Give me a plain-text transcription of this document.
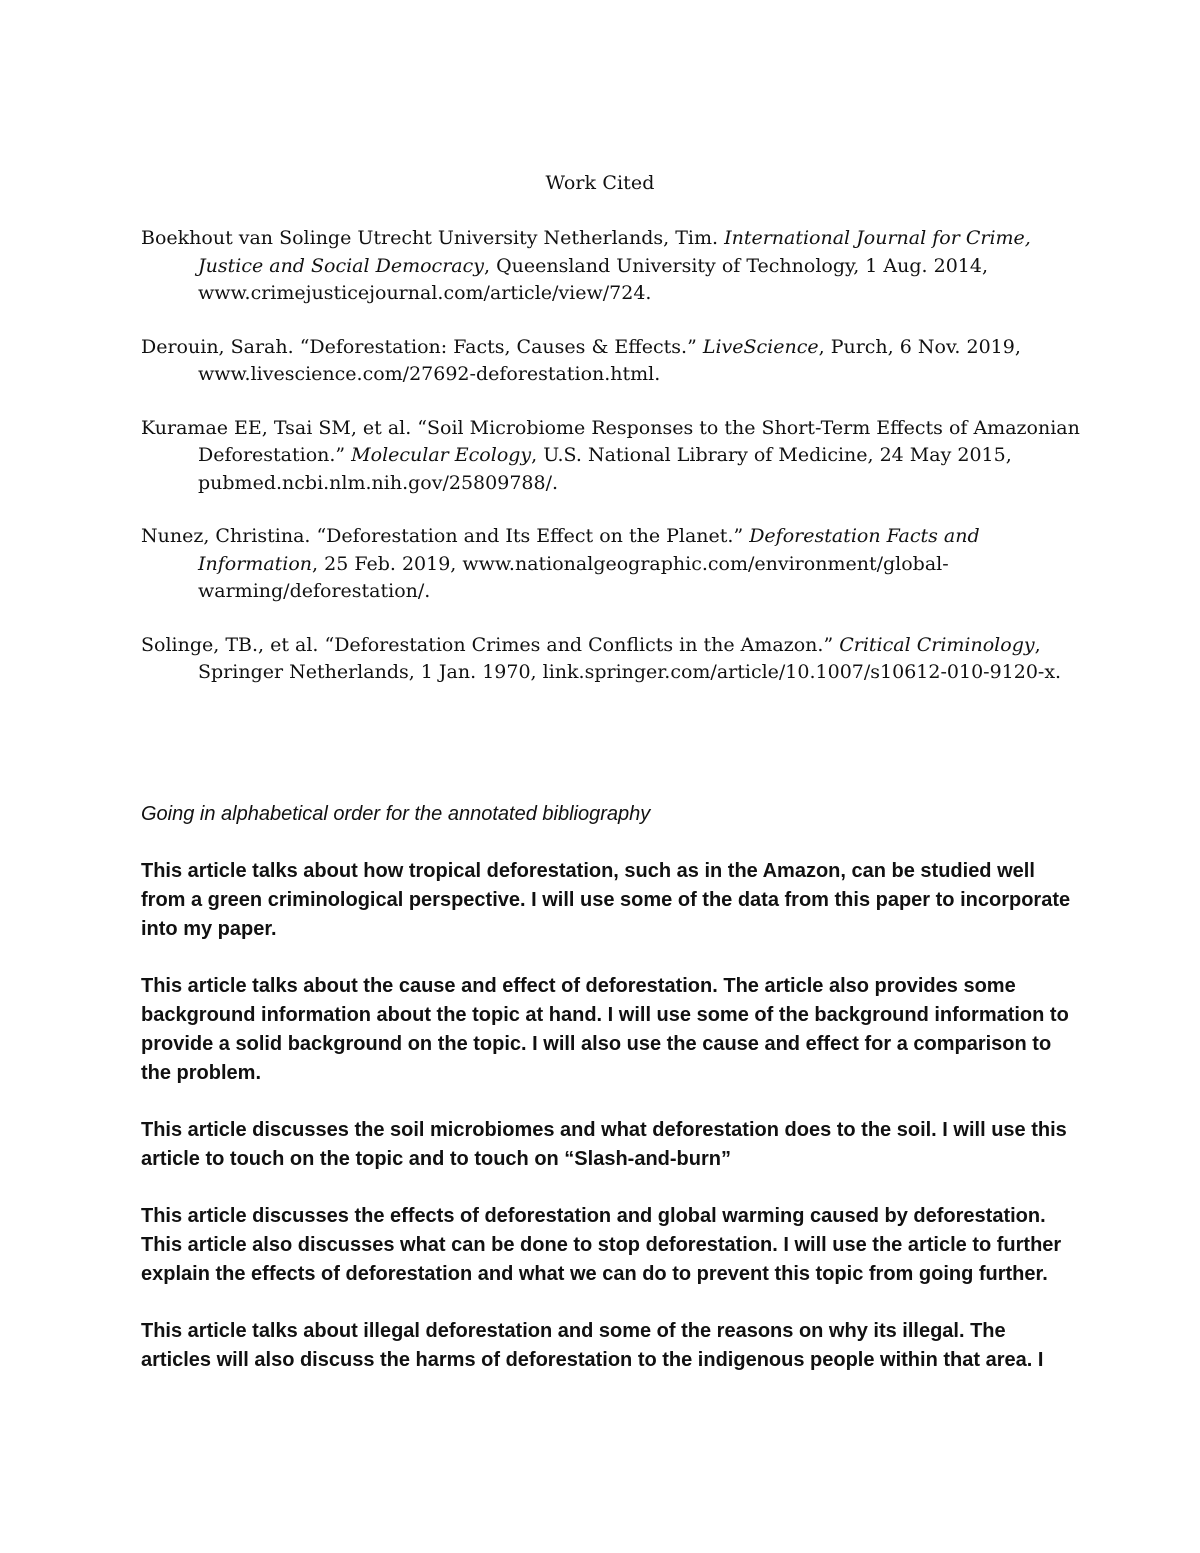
Work Cited

Boekhout van Solinge Utrecht University Netherlands, Tim. International Journal for Crime, Justice and Social Democracy, Queensland University of Technology, 1 Aug. 2014, www.crimejusticejournal.com/article/view/724.

Derouin, Sarah. “Deforestation: Facts, Causes & Effects.” LiveScience, Purch, 6 Nov. 2019, www.livescience.com/27692-deforestation.html.

Kuramae EE, Tsai SM, et al. “Soil Microbiome Responses to the Short-Term Effects of Amazonian Deforestation.” Molecular Ecology, U.S. National Library of Medicine, 24 May 2015, pubmed.ncbi.nlm.nih.gov/25809788/.

Nunez, Christina. “Deforestation and Its Effect on the Planet.” Deforestation Facts and Information, 25 Feb. 2019, www.nationalgeographic.com/environment/global-warming/deforestation/.

Solinge, TB., et al. “Deforestation Crimes and Conflicts in the Amazon.” Critical Criminology, Springer Netherlands, 1 Jan. 1970, link.springer.com/article/10.1007/s10612-010-9120-x.

Going in alphabetical order for the annotated bibliography

This article talks about how tropical deforestation, such as in the Amazon, can be studied well from a green criminological perspective. I will use some of the data from this paper to incorporate into my paper.

This article talks about the cause and effect of deforestation. The article also provides some background information about the topic at hand. I will use some of the background information to provide a solid background on the topic. I will also use the cause and effect for a comparison to the problem.

This article discusses the soil microbiomes and what deforestation does to the soil. I will use this article to touch on the topic and to touch on “Slash-and-burn”

This article discusses the effects of deforestation and global warming caused by deforestation. This article also discusses what can be done to stop deforestation. I will use the article to further explain the effects of deforestation and what we can do to prevent this topic from going further.

This article talks about illegal deforestation and some of the reasons on why its illegal. The articles will also discuss the harms of deforestation to the indigenous people within that area. I
